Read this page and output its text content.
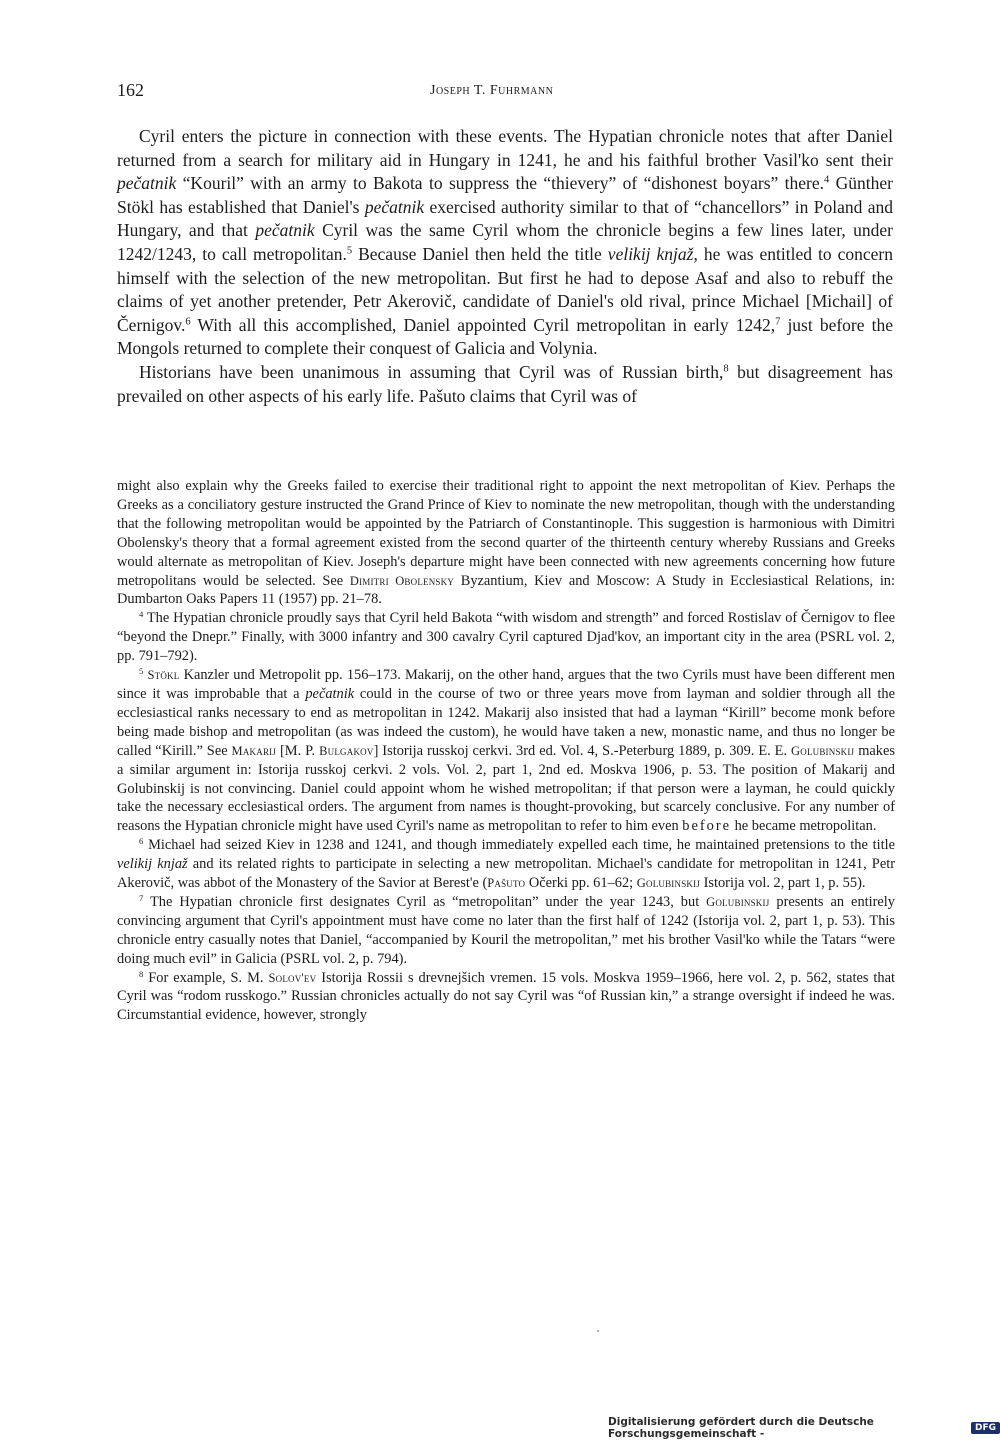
162	Joseph T. Fuhrmann

Cyril enters the picture in connection with these events. The Hypatian chronicle notes that after Daniel returned from a search for military aid in Hungary in 1241, he and his faithful brother Vasil'ko sent their pečatnik “Kouril” with an army to Bakota to suppress the “thievery” of “dishonest boyars” there.$^4$ Günther Stökl has established that Daniel's pečatnik exercised authority similar to that of “chancellors” in Poland and Hungary, and that pečatnik Cyril was the same Cyril whom the chronicle begins a few lines later, under 1242/1243, to call metropolitan.$^5$ Because Daniel then held the title velikij knjaž, he was entitled to concern himself with the selection of the new metropolitan. But first he had to depose Asaf and also to rebuff the claims of yet another pretender, Petr Akerovič, candidate of Daniel's old rival, prince Michael [Michail] of Černigov.$^6$ With all this accomplished, Daniel appointed Cyril metropolitan in early 1242,$^7$ just before the Mongols returned to complete their conquest of Galicia and Volynia.

Historians have been unanimous in assuming that Cyril was of Russian birth,$^8$ but disagreement has prevailed on other aspects of his early life. Pašuto claims that Cyril was of

might also explain why the Greeks failed to exercise their traditional right to appoint the next metropolitan of Kiev. Perhaps the Greeks as a conciliatory gesture instructed the Grand Prince of Kiev to nominate the new metropolitan, though with the understanding that the following metropolitan would be appointed by the Patriarch of Constantinople. This suggestion is harmonious with Dimitri Obolensky's theory that a formal agreement existed from the second quarter of the thirteenth century whereby Russians and Greeks would alternate as metropolitan of Kiev. Joseph's departure might have been connected with new agreements concerning how future metropolitans would be selected. See Dimitri Obolensky Byzantium, Kiev and Moscow: A Study in Ecclesiastical Relations, in: Dumbarton Oaks Papers 11 (1957) pp. 21–78.

$^4$ The Hypatian chronicle proudly says that Cyril held Bakota “with wisdom and strength” and forced Rostislav of Černigov to flee “beyond the Dnepr.” Finally, with 3000 infantry and 300 cavalry Cyril captured Djad'kov, an important city in the area (PSRL vol. 2, pp. 791–792).

$^5$ Stökl Kanzler und Metropolit pp. 156–173. Makarij, on the other hand, argues that the two Cyrils must have been different men since it was improbable that a pečatnik could in the course of two or three years move from layman and soldier through all the ecclesiastical ranks necessary to end as metropolitan in 1242. Makarij also insisted that had a layman “Kirill” become monk before being made bishop and metropolitan (as was indeed the custom), he would have taken a new, monastic name, and thus no longer be called “Kirill.” See Makarij [M. P. Bulgakov] Istorija russkoj cerkvi. 3rd ed. Vol. 4, S.-Peterburg 1889, p. 309. E. E. Golubinskij makes a similar argument in: Istorija russkoj cerkvi. 2 vols. Vol. 2, part 1, 2nd ed. Moskva 1906, p. 53. The position of Makarij and Golubinskij is not convincing. Daniel could appoint whom he wished metropolitan; if that person were a layman, he could quickly take the necessary ecclesiastical orders. The argument from names is thought-provoking, but scarcely conclusive. For any number of reasons the Hypatian chronicle might have used Cyril's name as metropolitan to refer to him even before he became metropolitan.

$^6$ Michael had seized Kiev in 1238 and 1241, and though immediately expelled each time, he maintained pretensions to the title velikij knjaž and its related rights to participate in selecting a new metropolitan. Michael's candidate for metropolitan in 1241, Petr Akerovič, was abbot of the Monastery of the Savior at Berest'e (Pašuto Očerki pp. 61–62; Golubinskij Istorija vol. 2, part 1, p. 55).

$^7$ The Hypatian chronicle first designates Cyril as “metropolitan” under the year 1243, but Golubinskij presents an entirely convincing argument that Cyril's appointment must have come no later than the first half of 1242 (Istorija vol. 2, part 1, p. 53). This chronicle entry casually notes that Daniel, “accompanied by Kouril the metropolitan,” met his brother Vasil'ko while the Tatars “were doing much evil” in Galicia (PSRL vol. 2, p. 794).

$^8$ For example, S. M. Solov'ev Istorija Rossii s drevnejšich vremen. 15 vols. Moskva 1959–1966, here vol. 2, p. 562, states that Cyril was “rodom russkogo.” Russian chronicles actually do not say Cyril was “of Russian kin,” a strange oversight if indeed he was. Circumstantial evidence, however, strongly

Digitalisierung gefördert durch die Deutsche Forschungsgemeinschaft -	DFG
